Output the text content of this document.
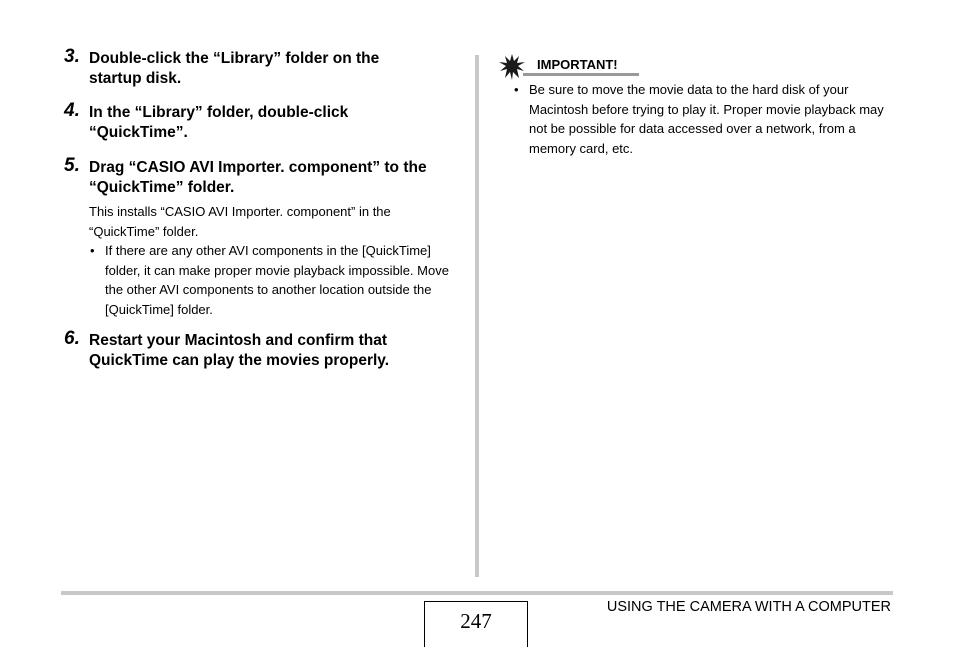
3. Double-click the “Library” folder on the startup disk.
4. In the “Library” folder, double-click “QuickTime”.
5. Drag “CASIO AVI Importer. component” to the “QuickTime” folder.
This installs “CASIO AVI Importer. component” in the “QuickTime” folder.
• If there are any other AVI components in the [QuickTime] folder, it can make proper movie playback impossible. Move the other AVI components to another location outside the [QuickTime] folder.
6. Restart your Macintosh and confirm that QuickTime can play the movies properly.
IMPORTANT!
• Be sure to move the movie data to the hard disk of your Macintosh before trying to play it. Proper movie playback may not be possible for data accessed over a network, from a memory card, etc.
247
USING THE CAMERA WITH A COMPUTER
